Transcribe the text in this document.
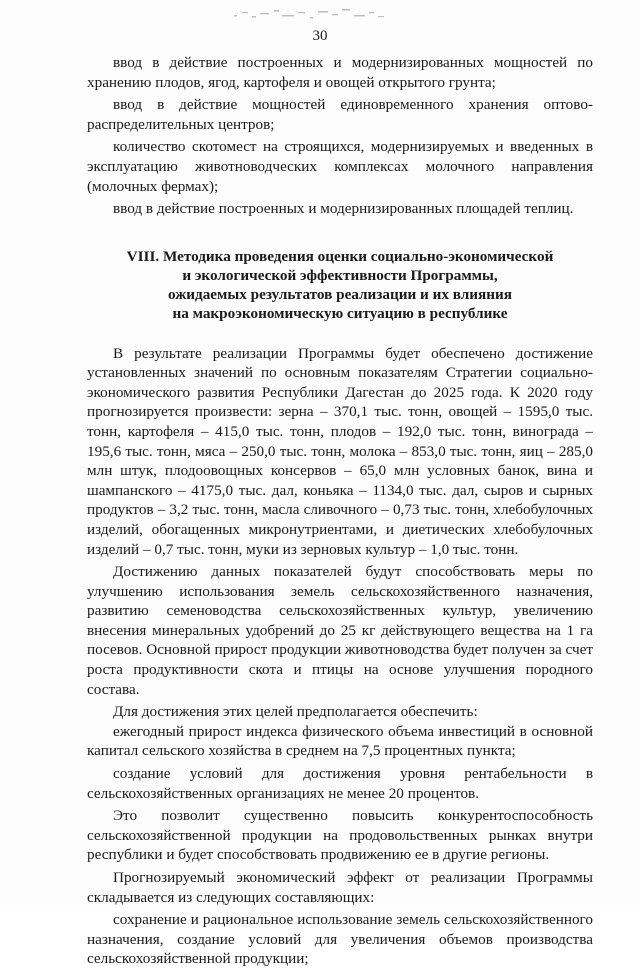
30

ввод в действие построенных и модернизированных мощностей по хранению плодов, ягод, картофеля и овощей открытого грунта;

ввод в действие мощностей единовременного хранения оптово-распределительных центров;

количество скотомест на строящихся, модернизируемых и введенных в эксплуатацию животноводческих комплексах молочного направления (молочных фермах);

ввод в действие построенных и модернизированных площадей теплиц.

VIII. Методика проведения оценки социально-экономической
и экологической эффективности Программы,
ожидаемых результатов реализации и их влияния
на макроэкономическую ситуацию в республике

В результате реализации Программы будет обеспечено достижение установленных значений по основным показателям Стратегии социально-экономического развития Республики Дагестан до 2025 года. К 2020 году прогнозируется произвести: зерна – 370,1 тыс. тонн, овощей – 1595,0 тыс. тонн, картофеля – 415,0 тыс. тонн, плодов – 192,0 тыс. тонн, винограда – 195,6 тыс. тонн, мяса – 250,0 тыс. тонн, молока – 853,0 тыс. тонн, яиц – 285,0 млн штук, плодоовощных консервов – 65,0 млн условных банок, вина и шампанского – 4175,0 тыс. дал, коньяка – 1134,0 тыс. дал, сыров и сырных продуктов – 3,2 тыс. тонн, масла сливочного – 0,73 тыс. тонн, хлебобулочных изделий, обогащенных микронутриентами, и диетических хлебобулочных изделий – 0,7 тыс. тонн, муки из зерновых культур – 1,0 тыс. тонн.

Достижению данных показателей будут способствовать меры по улучшению использования земель сельскохозяйственного назначения, развитию семеноводства сельскохозяйственных культур, увеличению внесения минеральных удобрений до 25 кг действующего вещества на 1 га посевов. Основной прирост продукции животноводства будет получен за счет роста продуктивности скота и птицы на основе улучшения породного состава.

Для достижения этих целей предполагается обеспечить:

ежегодный прирост индекса физического объема инвестиций в основной капитал сельского хозяйства в среднем на 7,5 процентных пункта;

создание условий для достижения уровня рентабельности в сельскохозяйственных организациях не менее 20 процентов.

Это позволит существенно повысить конкурентоспособность сельскохозяйственной продукции на продовольственных рынках внутри республики и будет способствовать продвижению ее в другие регионы.

Прогнозируемый экономический эффект от реализации Программы складывается из следующих составляющих:

сохранение и рациональное использование земель сельскохозяйственного назначения, создание условий для увеличения объемов производства сельскохозяйственной продукции;
